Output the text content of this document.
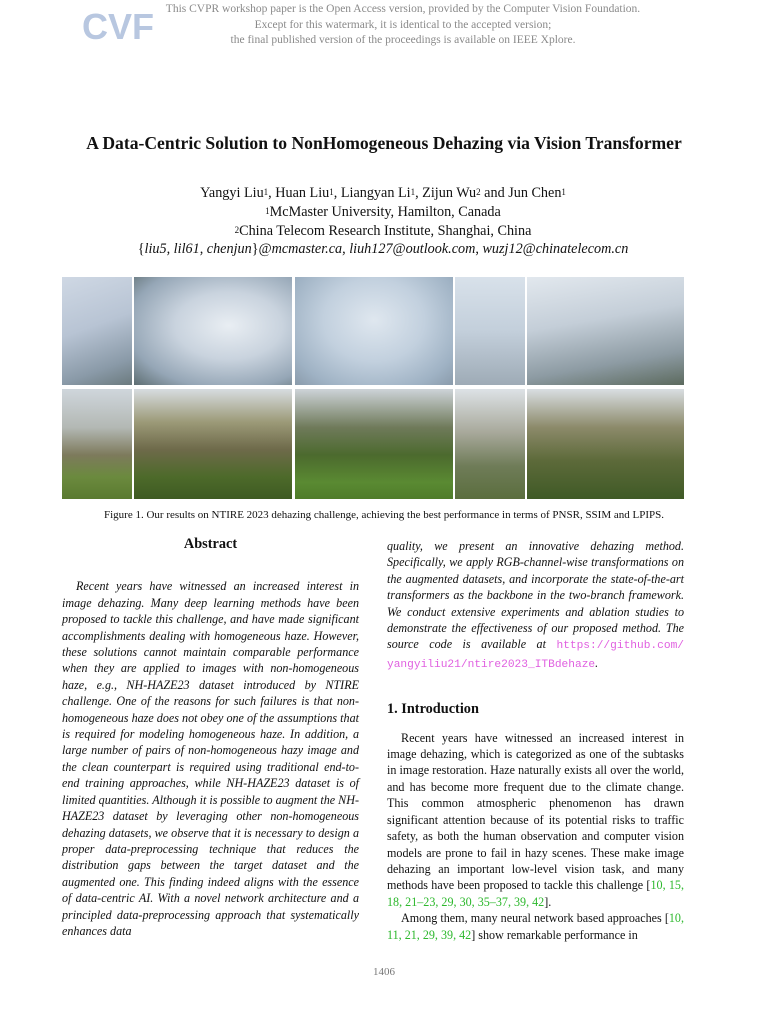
CVF	This CVPR workshop paper is the Open Access version, provided by the Computer Vision Foundation.
Except for this watermark, it is identical to the accepted version;
the final published version of the proceedings is available on IEEE Xplore.
A Data-Centric Solution to NonHomogeneous Dehazing via Vision Transformer
Yangyi Liu$^1$, Huan Liu$^1$, Liangyan Li$^1$, Zijun Wu$^2$ and Jun Chen$^1$
$^1$McMaster University, Hamilton, Canada
$^2$China Telecom Research Institute, Shanghai, China
{liu5, lil61, chenjun}@mcmaster.ca, liuh127@outlook.com, wuzj12@chinatelecom.cn
Figure 1. Our results on NTIRE 2023 dehazing challenge, achieving the best performance in terms of PNSR, SSIM and LPIPS.
Abstract

Recent years have witnessed an increased interest in image dehazing. Many deep learning methods have been proposed to tackle this challenge, and have made significant accomplishments dealing with homogeneous haze. However, these solutions cannot maintain comparable performance when they are applied to images with non-homogeneous haze, e.g., NH-HAZE23 dataset introduced by NTIRE challenge. One of the reasons for such failures is that non-homogeneous haze does not obey one of the assumptions that is required for modeling homogeneous haze. In addition, a large number of pairs of non-homogeneous hazy image and the clean counterpart is required using traditional end-to-end training approaches, while NH-HAZE23 dataset is of limited quantities. Although it is possible to augment the NH-HAZE23 dataset by leveraging other non-homogeneous dehazing datasets, we observe that it is necessary to design a proper data-preprocessing technique that reduces the distribution gaps between the target dataset and the augmented one. This finding indeed aligns with the essence of data-centric AI. With a novel network architecture and a principled data-preprocessing approach that systematically enhances data

quality, we present an innovative dehazing method. Specifically, we apply RGB-channel-wise transformations on the augmented datasets, and incorporate the state-of-the-art transformers as the backbone in the two-branch framework. We conduct extensive experiments and ablation studies to demonstrate the effectiveness of our proposed method. The source code is available at https://github.com/ yangyiliu21/ntire2023_ITBdehaze.

1. Introduction

Recent years have witnessed an increased interest in image dehazing, which is categorized as one of the subtasks in image restoration. Haze naturally exists all over the world, and has become more frequent due to the climate change. This common atmospheric phenomenon has drawn significant attention because of its potential risks to traffic safety, as both the human observation and computer vision models are prone to fail in hazy scenes. These make image dehazing an important low-level vision task, and many methods have been proposed to tackle this challenge [10, 15, 18, 21–23, 29, 30, 35–37, 39, 42].

Among them, many neural network based approaches [10, 11, 21, 29, 39, 42] show remarkable performance in

1406
